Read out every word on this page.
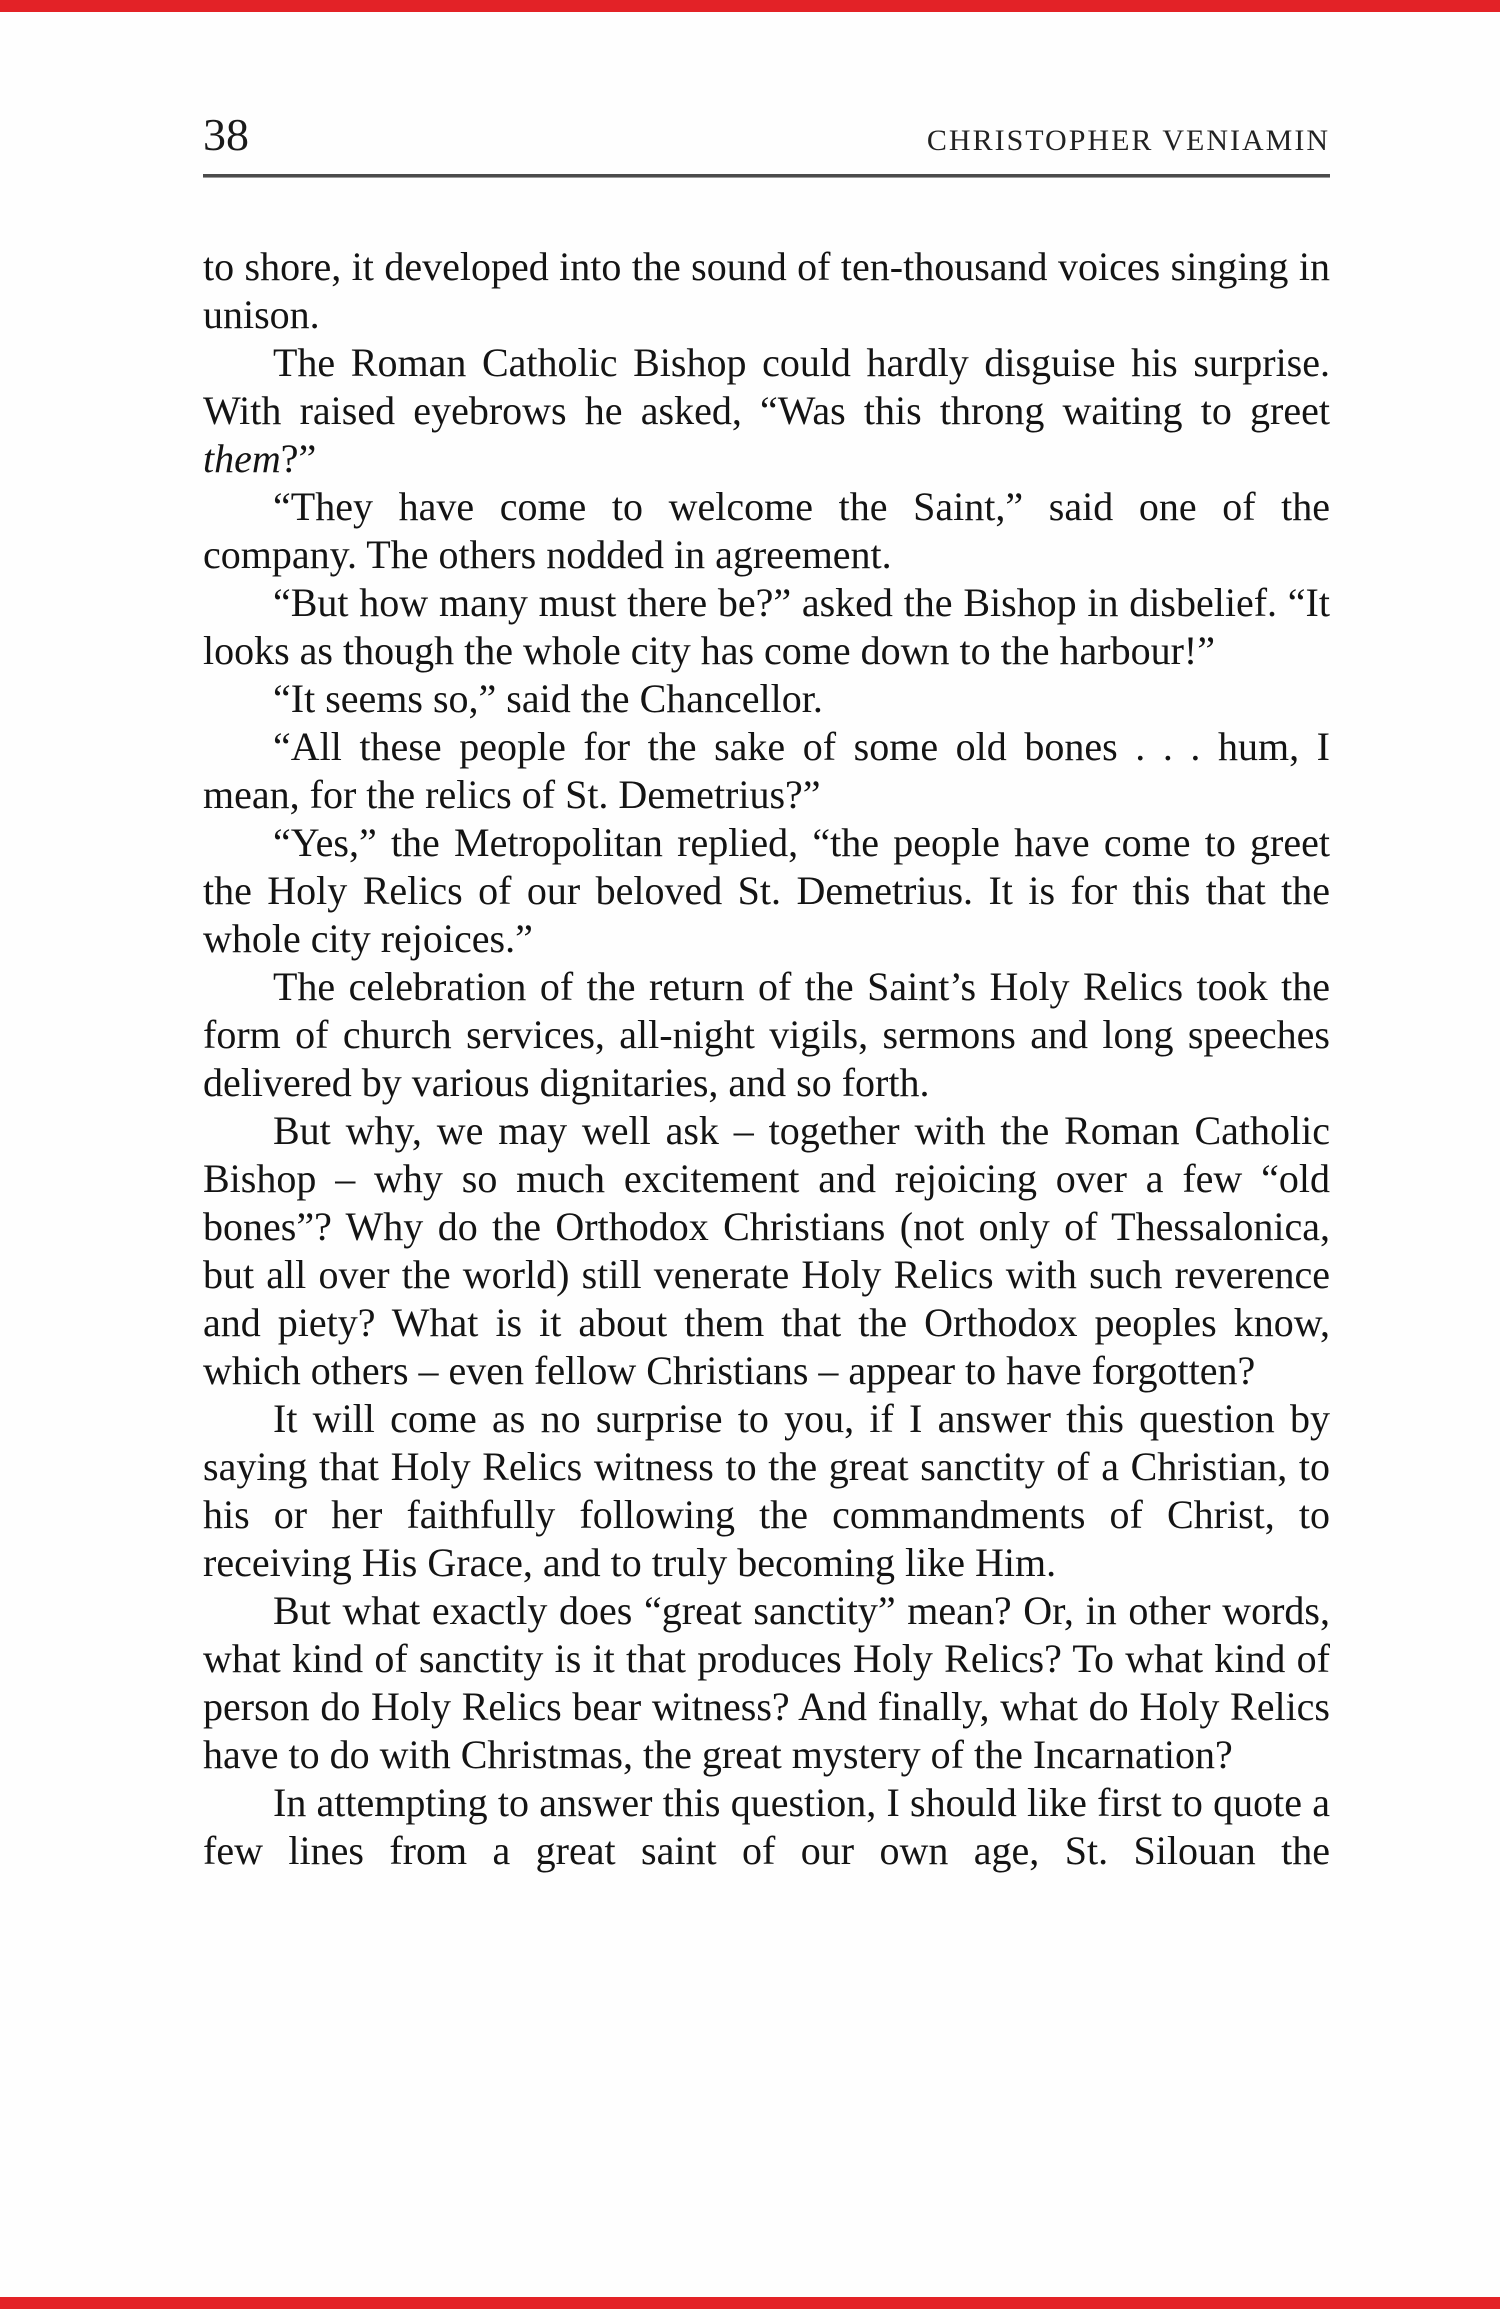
38	CHRISTOPHER VENIAMIN

to shore, it developed into the sound of ten-thousand voices singing in unison.

The Roman Catholic Bishop could hardly disguise his surprise. With raised eyebrows he asked, “Was this throng waiting to greet them?”

“They have come to welcome the Saint,” said one of the company. The others nodded in agreement.

“But how many must there be?” asked the Bishop in disbelief. “It looks as though the whole city has come down to the harbour!”

“It seems so,” said the Chancellor.

“All these people for the sake of some old bones . . . hum, I mean, for the relics of St. Demetrius?”

“Yes,” the Metropolitan replied, “the people have come to greet the Holy Relics of our beloved St. Demetrius. It is for this that the whole city rejoices.”

The celebration of the return of the Saint’s Holy Relics took the form of church services, all-night vigils, sermons and long speeches delivered by various dignitaries, and so forth.

But why, we may well ask – together with the Roman Catholic Bishop – why so much excitement and rejoicing over a few “old bones”? Why do the Orthodox Christians (not only of Thessalonica, but all over the world) still venerate Holy Relics with such reverence and piety? What is it about them that the Orthodox peoples know, which others – even fellow Christians – appear to have forgotten?

It will come as no surprise to you, if I answer this question by saying that Holy Relics witness to the great sanctity of a Christian, to his or her faithfully following the commandments of Christ, to receiving His Grace, and to truly becoming like Him.

But what exactly does “great sanctity” mean? Or, in other words, what kind of sanctity is it that produces Holy Relics? To what kind of person do Holy Relics bear witness? And finally, what do Holy Relics have to do with Christmas, the great mystery of the Incarnation?

In attempting to answer this question, I should like first to quote a few lines from a great saint of our own age, St. Silouan the
